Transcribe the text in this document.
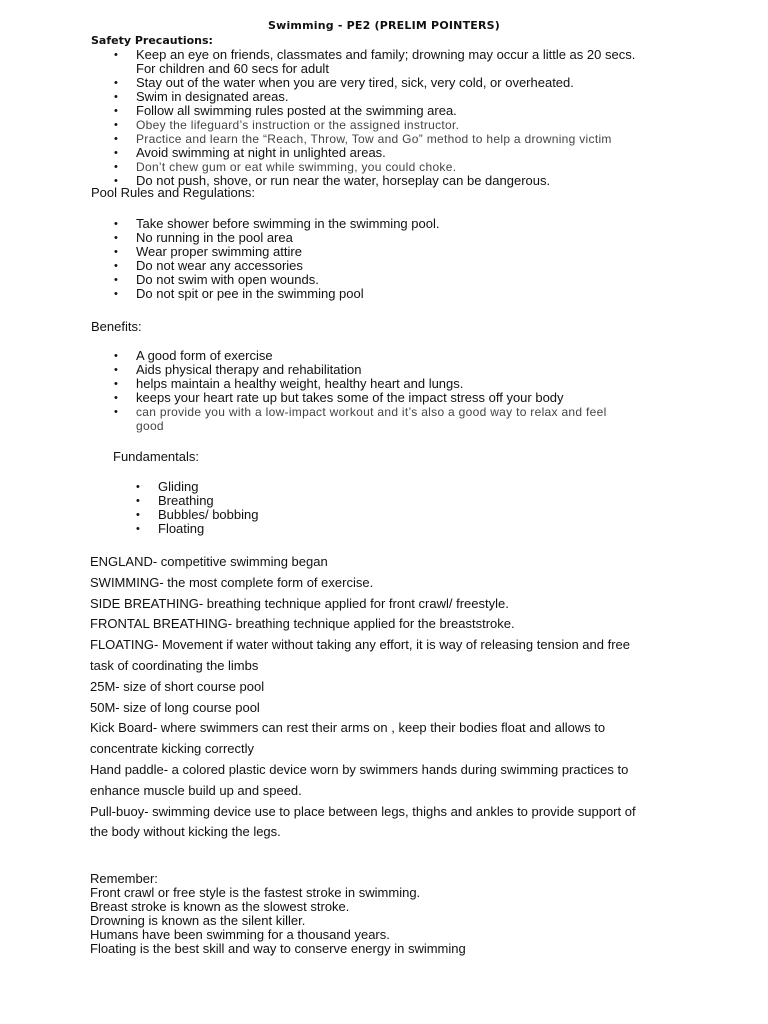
Swimming - PE2 (PRELIM POINTERS)
Safety Precautions:
• Keep an eye on friends, classmates and family; drowning may occur a little as 20 secs.
For children and 60 secs for adult
• Stay out of the water when you are very tired, sick, very cold, or overheated.
• Swim in designated areas.
• Follow all swimming rules posted at the swimming area.
• Obey the lifeguard’s instruction or the assigned instructor.
• Practice and learn the “Reach, Throw, Tow and Go” method to help a drowning victim
• Avoid swimming at night in unlighted areas.
• Don’t chew gum or eat while swimming, you could choke.
• Do not push, shove, or run near the water, horseplay can be dangerous.
Pool Rules and Regulations:
• Take shower before swimming in the swimming pool.
• No running in the pool area
• Wear proper swimming attire
• Do not wear any accessories
• Do not swim with open wounds.
• Do not spit or pee in the swimming pool
Benefits:
• A good form of exercise
• Aids physical therapy and rehabilitation
• helps maintain a healthy weight, healthy heart and lungs.
• keeps your heart rate up but takes some of the impact stress off your body
• can provide you with a low-impact workout and it’s also a good way to relax and feel
good
Fundamentals:
• Gliding
• Breathing
• Bubbles/ bobbing
• Floating
ENGLAND- competitive swimming began
SWIMMING- the most complete form of exercise.
SIDE BREATHING- breathing technique applied for front crawl/ freestyle.
FRONTAL BREATHING- breathing technique applied for the breaststroke.
FLOATING- Movement if water without taking any effort, it is way of releasing tension and free
task of coordinating the limbs
25M- size of short course pool
50M- size of long course pool
Kick Board- where swimmers can rest their arms on , keep their bodies float and allows to
concentrate kicking correctly
Hand paddle- a colored plastic device worn by swimmers hands during swimming practices to
enhance muscle build up and speed.
Pull-buoy- swimming device use to place between legs, thighs and ankles to provide support of
the body without kicking the legs.
Remember:
Front crawl or free style is the fastest stroke in swimming.
Breast stroke is known as the slowest stroke.
Drowning is known as the silent killer.
Humans have been swimming for a thousand years.
Floating is the best skill and way to conserve energy in swimming
